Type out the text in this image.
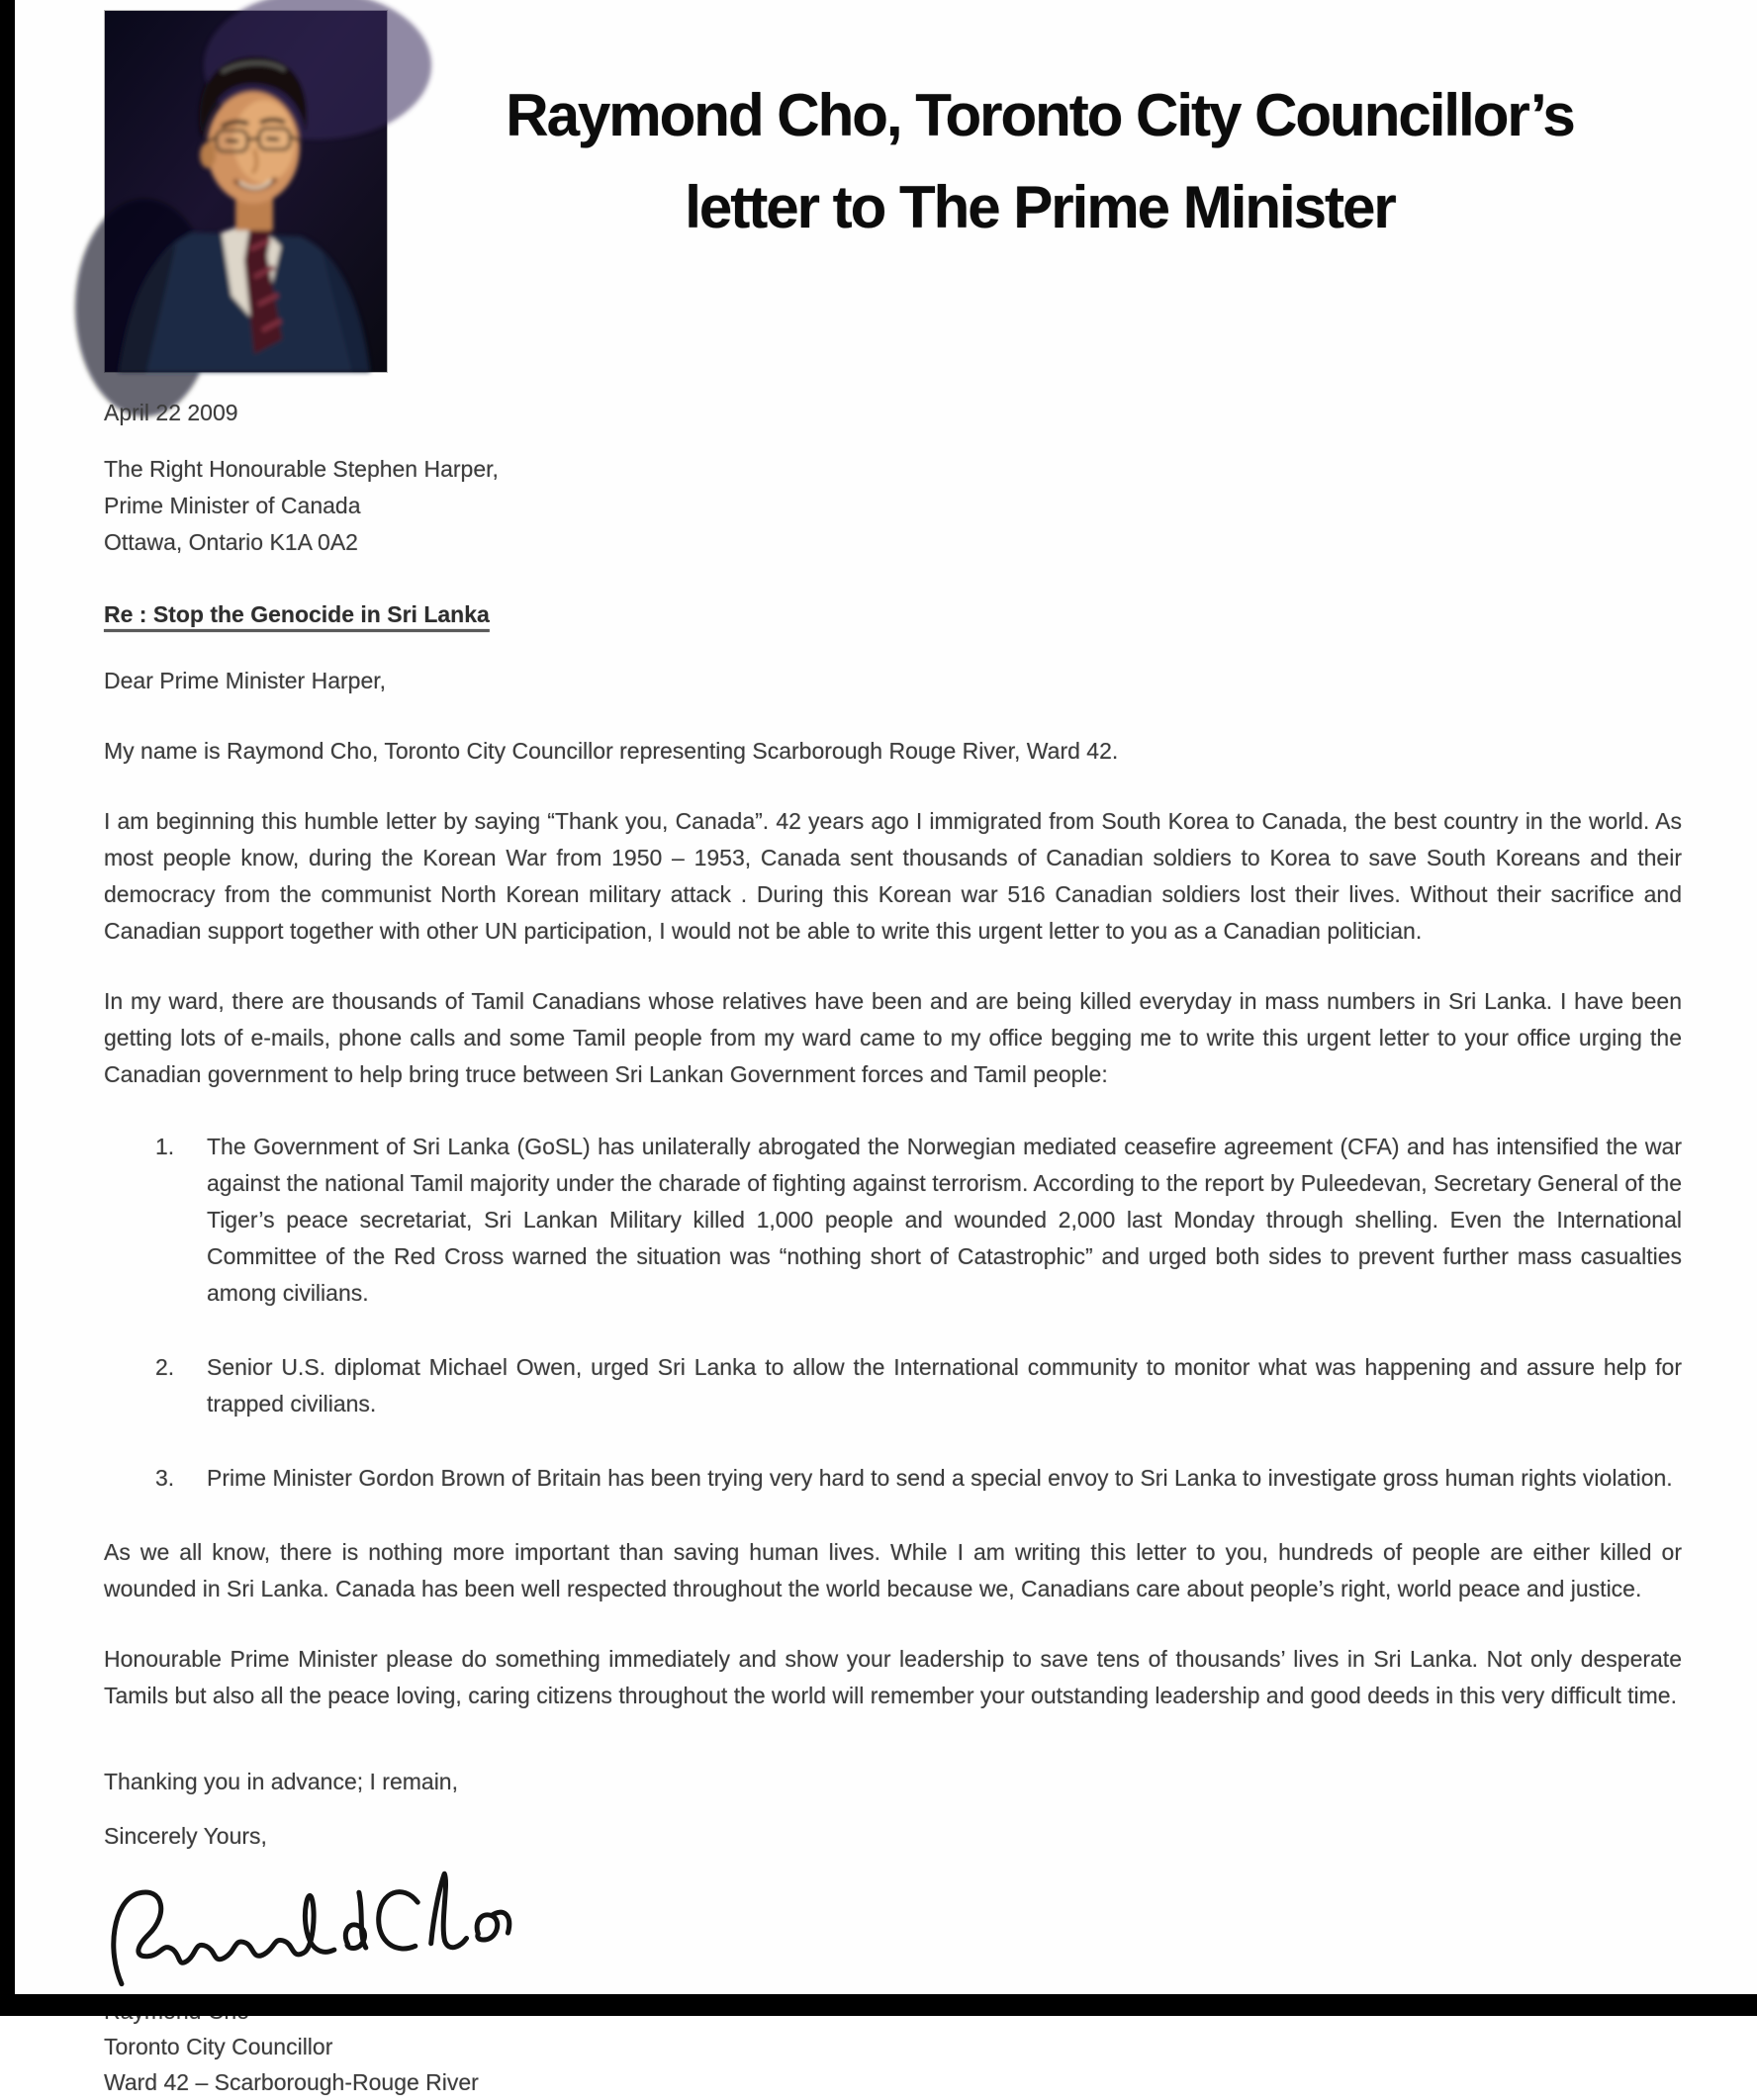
Raymond Cho, Toronto City Councillor’s
letter to The Prime Minister
April 22 2009
The Right Honourable Stephen Harper,
Prime Minister of Canada
Ottawa, Ontario K1A 0A2
Re : Stop the Genocide in Sri Lanka
Dear Prime Minister Harper,

My name is Raymond Cho, Toronto City Councillor representing Scarborough Rouge River, Ward 42.

I am beginning this humble letter by saying “Thank you, Canada”. 42 years ago I immigrated from South Korea to Canada, the best country in the world. As most people know, during the Korean War from 1950 – 1953, Canada sent thousands of Canadian soldiers to Korea to save South Koreans and their democracy from the communist North Korean military attack . During this Korean war 516 Canadian soldiers lost their lives. Without their sacrifice and Canadian support together with other UN participation, I would not be able to write this urgent letter to you as a Canadian politician.

In my ward, there are thousands of Tamil Canadians whose relatives have been and are being killed everyday in mass numbers in Sri Lanka. I have been getting lots of e-mails, phone calls and some Tamil people from my ward came to my office begging me to write this urgent letter to your office urging the Canadian government to help bring truce between Sri Lankan Government forces and Tamil people:

1.	The Government of Sri Lanka (GoSL) has unilaterally abrogated the Norwegian mediated ceasefire agreement (CFA) and has intensified the war against the national Tamil majority under the charade of fighting against terrorism. According to the report by Puleedevan, Secretary General of the Tiger’s peace secretariat, Sri Lankan Military killed 1,000 people and wounded 2,000 last Monday through shelling. Even the International Committee of the Red Cross warned the situation was “nothing short of Catastrophic” and urged both sides to prevent further mass casualties among civilians.

2.	Senior U.S. diplomat Michael Owen, urged Sri Lanka to allow the International community to monitor what was happening and assure help for trapped civilians.

3.	Prime Minister Gordon Brown of Britain has been trying very hard to send a special envoy to Sri Lanka to investigate gross human rights violation.

As we all know, there is nothing more important than saving human lives. While I am writing this letter to you, hundreds of people are either killed or wounded in Sri Lanka. Canada has been well respected throughout the world because we, Canadians care about people’s right, world peace and justice.

Honourable Prime Minister please do something immediately and show your leadership to save tens of thousands’ lives in Sri Lanka. Not only desperate Tamils but also all the peace loving, caring citizens throughout the world will remember your outstanding leadership and good deeds in this very difficult time.

Thanking you in advance; I remain,
Sincerely Yours,
Toronto City Councillor
Ward 42 – Scarborough-Rouge River
